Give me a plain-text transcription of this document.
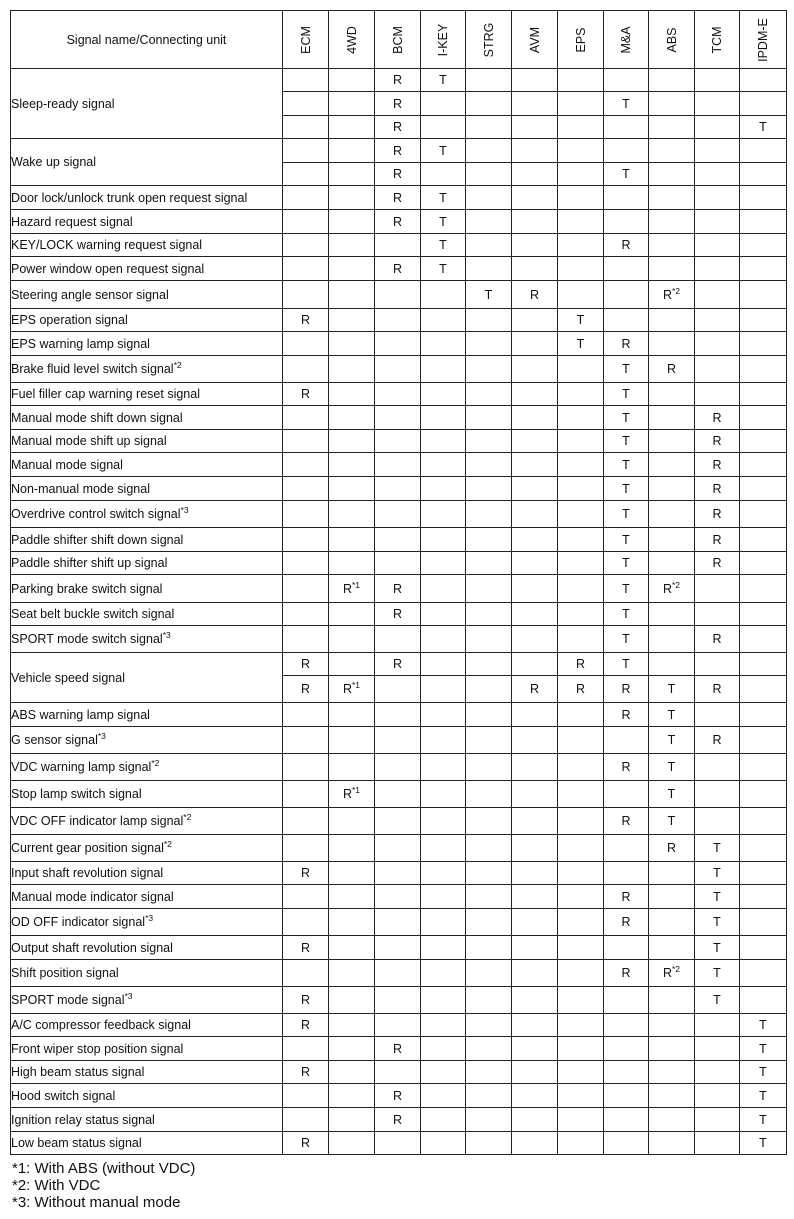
Signal name/Connecting unit	ECM	4WD	BCM	I-KEY	STRG	AVM	EPS	M&A	ABS	TCM	IPDM-E

Sleep-ready signal			R	T							
			R					T			
			R								T
Wake up signal			R	T							
			R					T			
Door lock/unlock trunk open request signal			R	T							
Hazard request signal			R	T							
KEY/LOCK warning request signal				T				R			
Power window open request signal			R	T							
Steering angle sensor signal					T	R			$R^{*2}$		
EPS operation signal	R						T				
EPS warning lamp signal							T	R			
Brake fluid level switch signal$^{*2}$								T	R		
Fuel filler cap warning reset signal	R							T			
Manual mode shift down signal								T		R	
Manual mode shift up signal								T		R	
Manual mode signal								T		R	
Non-manual mode signal								T		R	
Overdrive control switch signal$^{*3}$								T		R	
Paddle shifter shift down signal								T		R	
Paddle shifter shift up signal								T		R	
Parking brake switch signal		$R^{*1}$	R					T	$R^{*2}$		
Seat belt buckle switch signal			R					T			
SPORT mode switch signal$^{*3}$								T		R	
Vehicle speed signal	R		R				R	T			
	R	$R^{*1}$				R	R	R	T	R	
ABS warning lamp signal								R	T		
G sensor signal$^{*3}$									T	R	
VDC warning lamp signal$^{*2}$								R	T		
Stop lamp switch signal		$R^{*1}$							T		
VDC OFF indicator lamp signal$^{*2}$								R	T		
Current gear position signal$^{*2}$									R	T	
Input shaft revolution signal	R									T	
Manual mode indicator signal								R		T	
OD OFF indicator signal$^{*3}$								R		T	
Output shaft revolution signal	R									T	
Shift position signal								R	$R^{*2}$	T	
SPORT mode signal$^{*3}$	R									T	
A/C compressor feedback signal	R										T
Front wiper stop position signal			R								T
High beam status signal	R										T
Hood switch signal			R								T
Ignition relay status signal			R								T
Low beam status signal	R										T
*1: With ABS (without VDC)
*2: With VDC
*3: Without manual mode
